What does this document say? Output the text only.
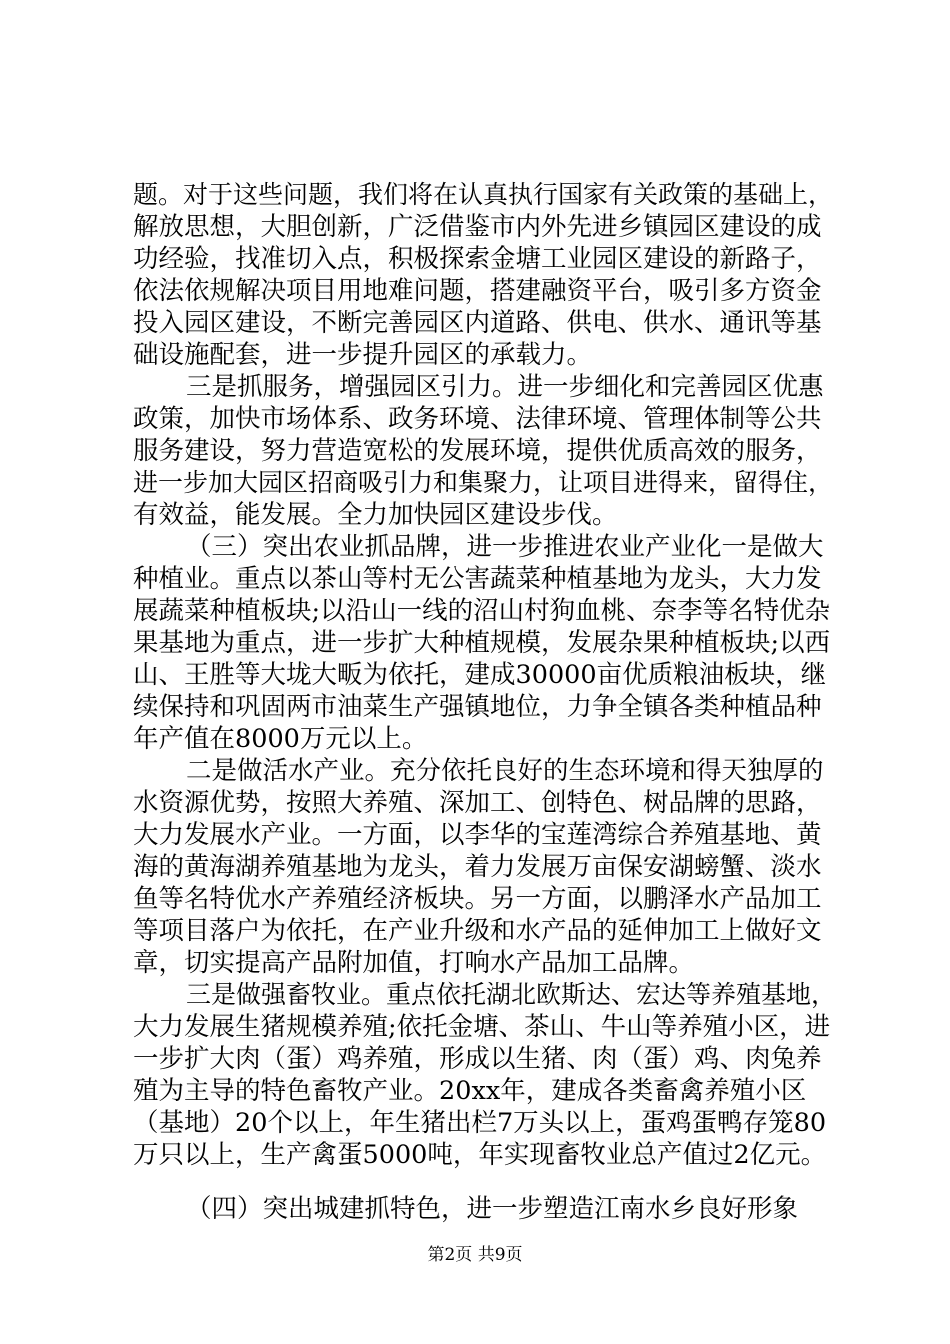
题。对于这些问题，我们将在认真执行国家有关政策的基础上，
解放思想，大胆创新，广泛借鉴市内外先进乡镇园区建设的成
功经验，找准切入点，积极探索金塘工业园区建设的新路子，
依法依规解决项目用地难问题，搭建融资平台，吸引多方资金
投入园区建设，不断完善园区内道路、供电、供水、通讯等基
础设施配套，进一步提升园区的承载力。
三是抓服务，增强园区引力。进一步细化和完善园区优惠
政策，加快市场体系、政务环境、法律环境、管理体制等公共
服务建设，努力营造宽松的发展环境，提供优质高效的服务，
进一步加大园区招商吸引力和集聚力，让项目进得来，留得住，
有效益，能发展。全力加快园区建设步伐。
（三）突出农业抓品牌，进一步推进农业产业化一是做大
种植业。重点以茶山等村无公害蔬菜种植基地为龙头，大力发
展蔬菜种植板块;以沿山一线的沼山村狗血桃、奈李等名特优杂
果基地为重点，进一步扩大种植规模，发展杂果种植板块;以西
山、王胜等大垅大畈为依托，建成30000亩优质粮油板块，继
续保持和巩固两市油菜生产强镇地位，力争全镇各类种植品种
年产值在8000万元以上。
二是做活水产业。充分依托良好的生态环境和得天独厚的
水资源优势，按照大养殖、深加工、创特色、树品牌的思路，
大力发展水产业。一方面，以李华的宝莲湾综合养殖基地、黄
海的黄海湖养殖基地为龙头，着力发展万亩保安湖螃蟹、淡水
鱼等名特优水产养殖经济板块。另一方面，以鹏泽水产品加工
等项目落户为依托，在产业升级和水产品的延伸加工上做好文
章，切实提高产品附加值，打响水产品加工品牌。
三是做强畜牧业。重点依托湖北欧斯达、宏达等养殖基地，
大力发展生猪规模养殖;依托金塘、茶山、牛山等养殖小区，进
一步扩大肉（蛋）鸡养殖，形成以生猪、肉（蛋）鸡、肉兔养
殖为主导的特色畜牧产业。20xx年，建成各类畜禽养殖小区
（基地）20个以上，年生猪出栏7万头以上，蛋鸡蛋鸭存笼80
万只以上，生产禽蛋5000吨，年实现畜牧业总产值过2亿元。
（四）突出城建抓特色，进一步塑造江南水乡良好形象
第2页 共9页
